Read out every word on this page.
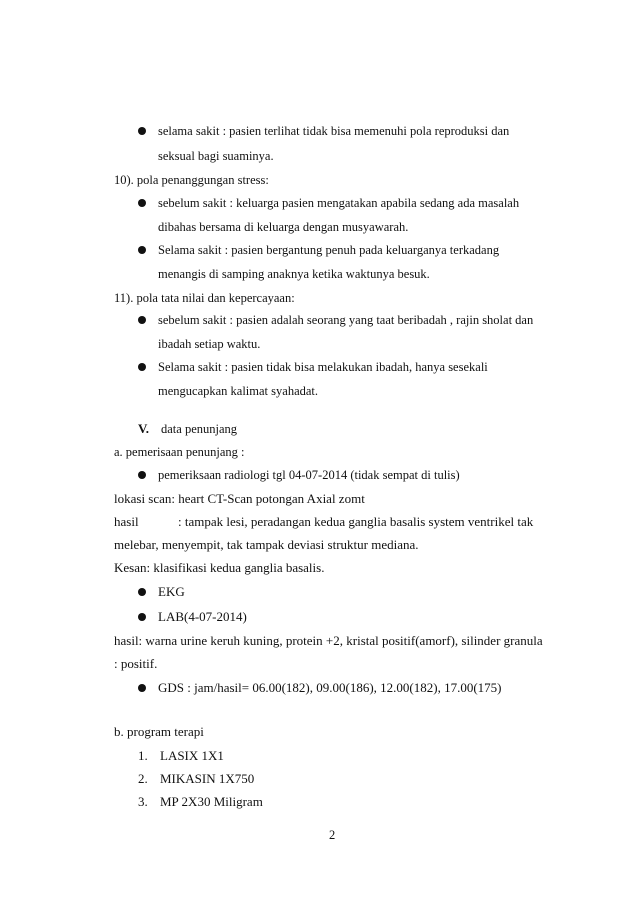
selama sakit : pasien terlihat tidak bisa memenuhi pola reproduksi dan
seksual bagi suaminya.
10). pola penanggungan stress:
sebelum sakit : keluarga pasien mengatakan apabila sedang ada masalah
dibahas bersama di keluarga dengan musyawarah.
Selama sakit : pasien bergantung penuh pada keluarganya terkadang
menangis di samping anaknya ketika waktunya besuk.
11). pola tata nilai dan kepercayaan:
sebelum sakit : pasien adalah seorang yang taat beribadah , rajin sholat dan
ibadah setiap waktu.
Selama sakit : pasien tidak bisa melakukan ibadah, hanya sesekali
mengucapkan kalimat syahadat.
V. data penunjang
a. pemerisaan penunjang :
pemeriksaan radiologi tgl 04-07-2014 (tidak sempat di tulis)
lokasi scan: heart CT-Scan potongan Axial zomt
hasil	: tampak lesi, peradangan kedua ganglia basalis system ventrikel tak
melebar, menyempit, tak tampak deviasi struktur mediana.
Kesan: klasifikasi kedua ganglia basalis.
EKG
LAB(4-07-2014)
hasil: warna urine keruh kuning, protein +2, kristal positif(amorf), silinder granula
: positif.
GDS : jam/hasil= 06.00(182), 09.00(186), 12.00(182), 17.00(175)
b. program terapi
1. LASIX 1X1
2. MIKASIN 1X750
3. MP 2X30 Miligram
2
